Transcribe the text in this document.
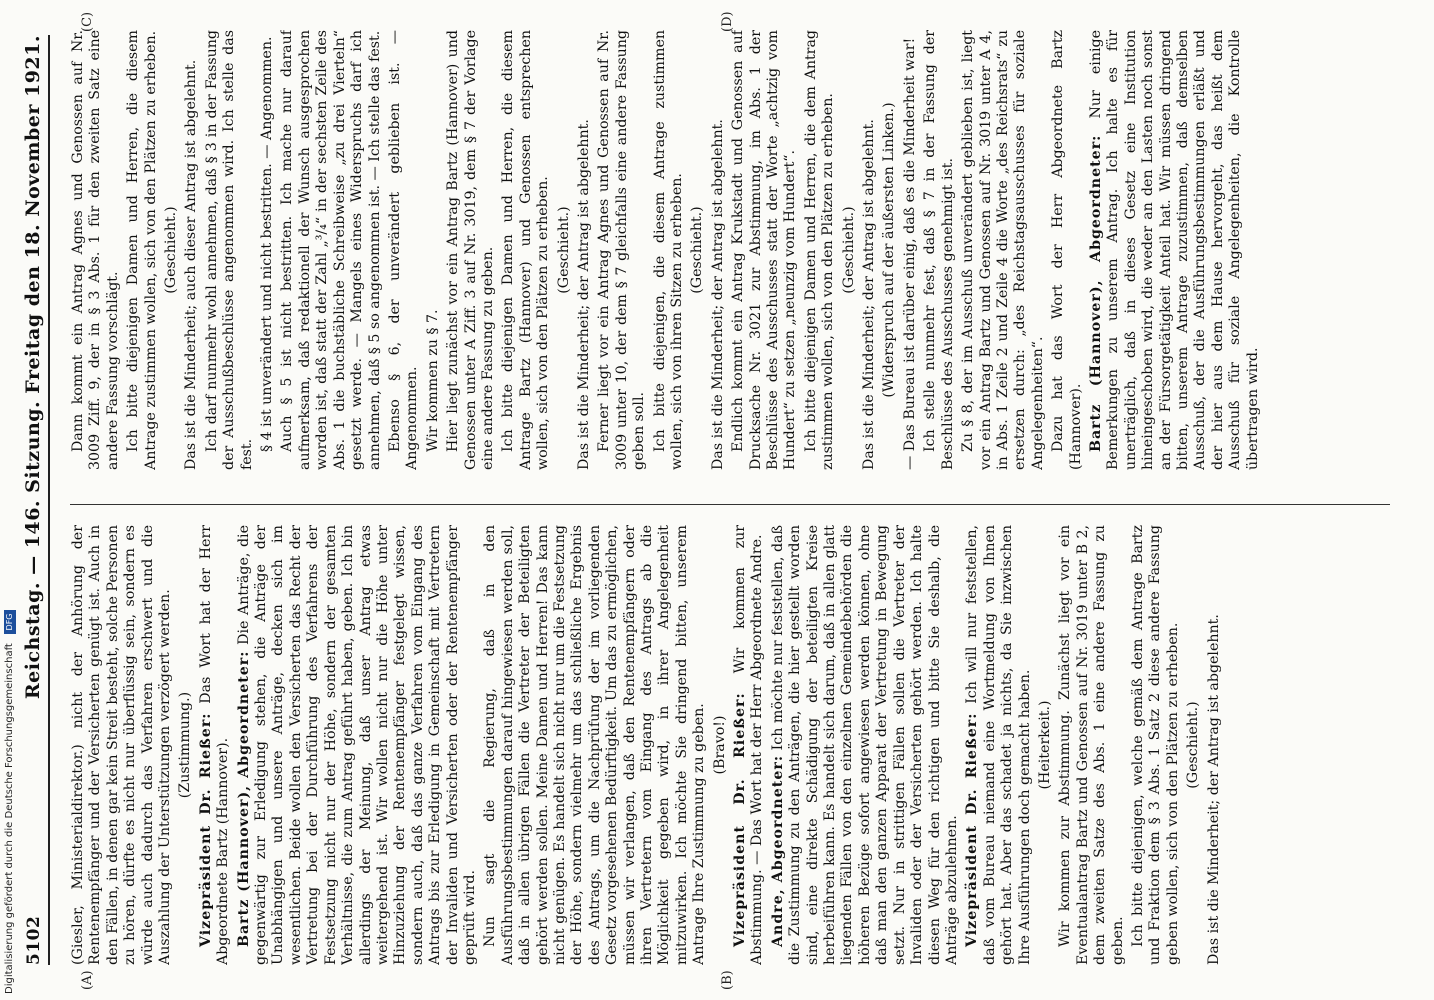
5102
Reichstag. — 146. Sitzung. Freitag den 18. November 1921.
(A)	(B)
(C)	(D)

(Giesler, Ministerialdirektor.) nicht der Anhörung der Rentenempfänger und der Versicherten genügt ist. Auch in den Fällen, in denen gar kein Streit besteht, solche Personen zu hören, dürfte es nicht nur überflüssig sein, sondern es würde auch dadurch das Verfahren erschwert und die Auszahlung der Unterstützungen verzögert werden. (Zustimmung.) Vizepräsident Dr. Rießer: Das Wort hat der Herr Abgeordnete Bartz (Hannover). Bartz (Hannover), Abgeordneter: Die Anträge, die gegenwärtig zur Erledigung stehen, die Anträge der Unabhängigen und unsere Anträge, decken sich im wesentlichen. Beide wollen den Versicherten das Recht der Vertretung bei der Durchführung des Verfahrens der Festsetzung nicht nur der Höhe, sondern der gesamten Verhältnisse, die zum Antrag geführt haben, geben. Ich bin allerdings der Meinung, daß unser Antrag etwas weitergehend ist. Wir wollen nicht nur die Höhe unter Hinzuziehung der Rentenempfänger festgelegt wissen, sondern auch, daß das ganze Verfahren vom Eingang des Antrags bis zur Erledigung in Gemeinschaft mit Vertretern der Invaliden und Versicherten oder der Rentenempfänger geprüft wird. Nun sagt die Regierung, daß in den Ausführungsbestimmungen darauf hingewiesen werden soll, daß in allen übrigen Fällen die Vertreter der Beteiligten gehört werden sollen. Meine Damen und Herren! Das kann nicht genügen. Es handelt sich nicht nur um die Festsetzung der Höhe, sondern vielmehr um das schließliche Ergebnis des Antrags, um die Nachprüfung der im vorliegenden Gesetz vorgesehenen Bedürftigkeit. Um das zu ermöglichen, müssen wir verlangen, daß den Rentenempfängern oder ihren Vertretern vom Eingang des Antrags ab die Möglichkeit gegeben wird, in ihrer Angelegenheit mitzuwirken. Ich möchte Sie dringend bitten, unserem Antrage Ihre Zustimmung zu geben. (Bravo!) Vizepräsident Dr. Rießer: Wir kommen zur Abstimmung. — Das Wort hat der Herr Abgeordnete Andre. Andre, Abgeordneter: Ich möchte nur feststellen, daß die Zustimmung zu den Anträgen, die hier gestellt worden sind, eine direkte Schädigung der beteiligten Kreise herbeiführen kann. Es handelt sich darum, daß in allen glatt liegenden Fällen von den einzelnen Gemeindebehörden die höheren Bezüge sofort angewiesen werden können, ohne daß man den ganzen Apparat der Vertretung in Bewegung setzt. Nur in strittigen Fällen sollen die Vertreter der Invaliden oder der Versicherten gehört werden. Ich halte diesen Weg für den richtigen und bitte Sie deshalb, die Anträge abzulehnen. Vizepräsident Dr. Rießer: Ich will nur feststellen, daß vom Bureau niemand eine Wortmeldung von Ihnen gehört hat. Aber das schadet ja nichts, da Sie inzwischen Ihre Ausführungen doch gemacht haben. (Heiterkeit.) Wir kommen zur Abstimmung. Zunächst liegt vor ein Eventualantrag Bartz und Genossen auf Nr. 3019 unter B 2, dem zweiten Satze des Abs. 1 eine andere Fassung zu geben. Ich bitte diejenigen, welche gemäß dem Antrage Bartz und Fraktion dem § 3 Abs. 1 Satz 2 diese andere Fassung geben wollen, sich von den Plätzen zu erheben. (Geschieht.) Das ist die Minderheit; der Antrag ist abgelehnt.

Dann kommt ein Antrag Agnes und Genossen auf Nr. 3009 Ziff. 9, der in § 3 Abs. 1 für den zweiten Satz eine andere Fassung vorschlägt. Ich bitte diejenigen Damen und Herren, die diesem Antrage zustimmen wollen, sich von den Plätzen zu erheben. (Geschieht.) Das ist die Minderheit; auch dieser Antrag ist abgelehnt. Ich darf nunmehr wohl annehmen, daß § 3 in der Fassung der Ausschußbeschlüsse angenommen wird. Ich stelle das fest.

§ 4 ist unverändert und nicht bestritten. — Angenommen. Auch § 5 ist nicht bestritten. Ich mache nur darauf aufmerksam, daß redaktionell der Wunsch ausgesprochen worden ist, daß statt der Zahl „³/₄“ in der sechsten Zeile des Abs. 1 die buchstäbliche Schreibweise „zu drei Vierteln“ gesetzt werde. — Mangels eines Widerspruchs darf ich annehmen, daß § 5 so angenommen ist. — Ich stelle das fest. Ebenso § 6, der unverändert geblieben ist. — Angenommen. Wir kommen zu § 7. Hier liegt zunächst vor ein Antrag Bartz (Hannover) und Genossen unter A Ziff. 3 auf Nr. 3019, dem § 7 der Vorlage eine andere Fassung zu geben. Ich bitte diejenigen Damen und Herren, die diesem Antrage Bartz (Hannover) und Genossen entsprechen wollen, sich von den Plätzen zu erheben. (Geschieht.) Das ist die Minderheit; der Antrag ist abgelehnt. Ferner liegt vor ein Antrag Agnes und Genossen auf Nr. 3009 unter 10, der dem § 7 gleichfalls eine andere Fassung geben soll. Ich bitte diejenigen, die diesem Antrage zustimmen wollen, sich von ihren Sitzen zu erheben. (Geschieht.) Das ist die Minderheit; der Antrag ist abgelehnt. Endlich kommt ein Antrag Krukstadt und Genossen auf Drucksache Nr. 3021 zur Abstimmung, im Abs. 1 der Beschlüsse des Ausschusses statt der Worte „achtzig vom Hundert“ zu setzen „neunzig vom Hundert“. Ich bitte diejenigen Damen und Herren, die dem Antrag zustimmen wollen, sich von den Plätzen zu erheben. (Geschieht.) Das ist die Minderheit; der Antrag ist abgelehnt. (Widerspruch auf der äußersten Linken.) — Das Bureau ist darüber einig, daß es die Minderheit war! Ich stelle nunmehr fest, daß § 7 in der Fassung der Beschlüsse des Ausschusses genehmigt ist. Zu § 8, der im Ausschuß unverändert geblieben ist, liegt vor ein Antrag Bartz und Genossen auf Nr. 3019 unter A 4, in Abs. 1 Zeile 2 und Zeile 4 die Worte „des Reichsrats“ zu ersetzen durch: „des Reichstagsausschusses für soziale Angelegenheiten“. Dazu hat das Wort der Herr Abgeordnete Bartz (Hannover). Bartz (Hannover), Abgeordneter: Nur einige Bemerkungen zu unserem Antrag. Ich halte es für unerträglich, daß in dieses Gesetz eine Institution hineingeschoben wird, die weder an den Lasten noch sonst an der Fürsorgetätigkeit Anteil hat. Wir müssen dringend bitten, unserem Antrage zuzustimmen, daß demselben Ausschuß, der die Ausführungsbestimmungen erläßt und der hier aus dem Hause hervorgeht, das heißt dem Ausschuß für soziale Angelegenheiten, die Kontrolle übertragen wird.

Digitalisierung gefördert durch die Deutsche Forschungsgemeinschaft DFG
